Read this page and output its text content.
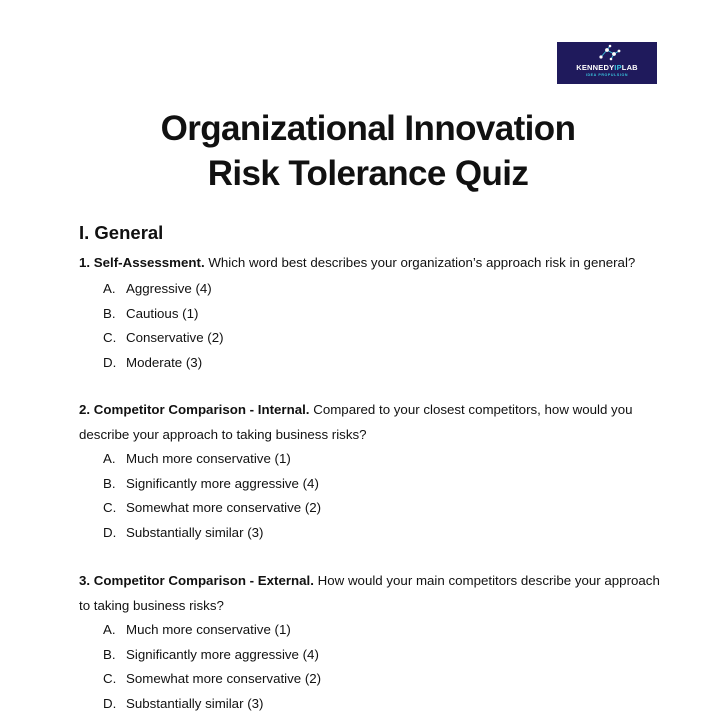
KENNEDYIPLAB
IDEA PROPULSION
Organizational Innovation
Risk Tolerance Quiz
I. General

1. Self-Assessment. Which word best describes your organization’s approach risk in general?

A. Aggressive (4)
B. Cautious (1)
C. Conservative (2)
D. Moderate (3)

2. Competitor Comparison - Internal. Compared to your closest competitors, how would you describe your approach to taking business risks?

A. Much more conservative (1)
B. Significantly more aggressive (4)
C. Somewhat more conservative (2)
D. Substantially similar (3)

3. Competitor Comparison - External. How would your main competitors describe your approach to taking business risks?

A. Much more conservative (1)
B. Significantly more aggressive (4)
C. Somewhat more conservative (2)
D. Substantially similar (3)
